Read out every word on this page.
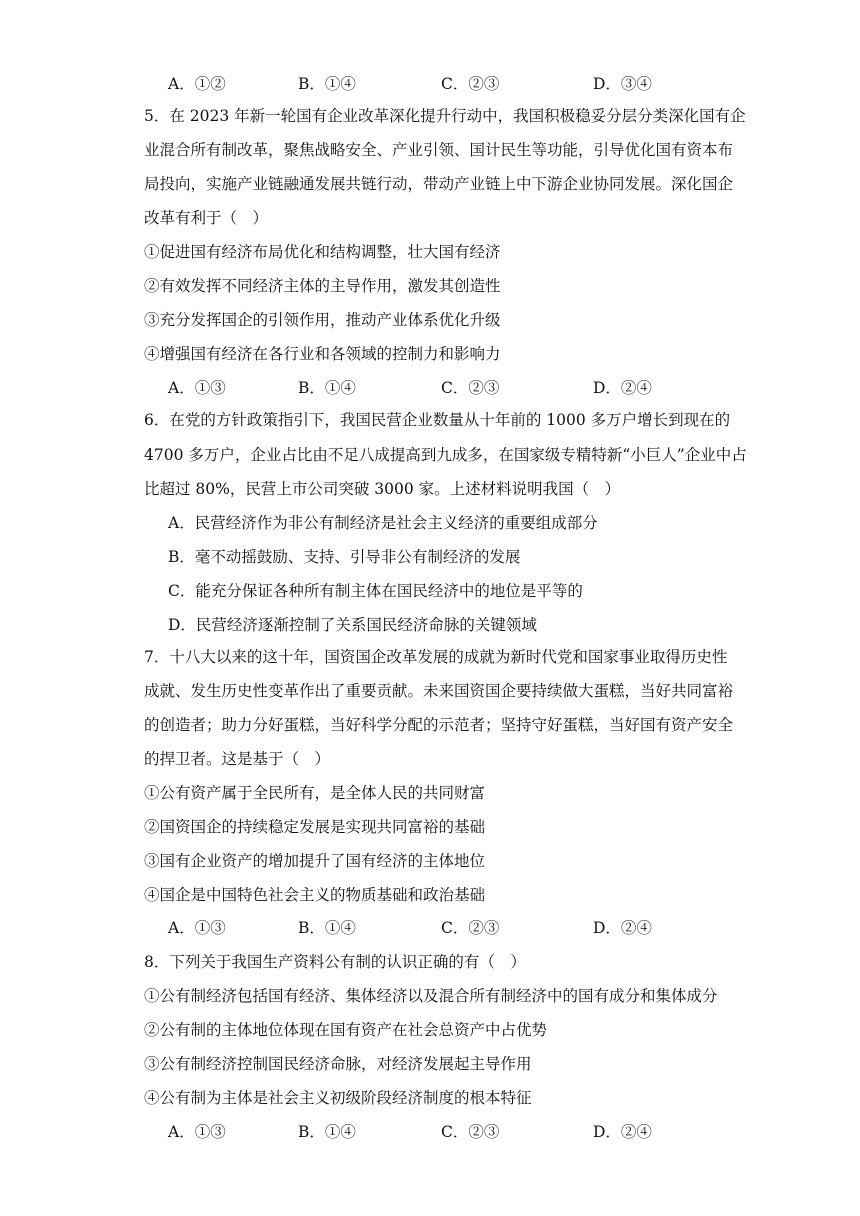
A．①②	B．①④	C．②③	D．③④
5．在 2023 年新一轮国有企业改革深化提升行动中，我国积极稳妥分层分类深化国有企
业混合所有制改革，聚焦战略安全、产业引领、国计民生等功能，引导优化国有资本布
局投向，实施产业链融通发展共链行动，带动产业链上中下游企业协同发展。深化国企
改革有利于（　）
①促进国有经济布局优化和结构调整，壮大国有经济
②有效发挥不同经济主体的主导作用，激发其创造性
③充分发挥国企的引领作用，推动产业体系优化升级
④增强国有经济在各行业和各领域的控制力和影响力
A．①③	B．①④	C．②③	D．②④
6．在党的方针政策指引下，我国民营企业数量从十年前的 1000 多万户增长到现在的
4700 多万户，企业占比由不足八成提高到九成多，在国家级专精特新“小巨人”企业中占
比超过 80%，民营上市公司突破 3000 家。上述材料说明我国（　）
A．民营经济作为非公有制经济是社会主义经济的重要组成部分
B．毫不动摇鼓励、支持、引导非公有制经济的发展
C．能充分保证各种所有制主体在国民经济中的地位是平等的
D．民营经济逐渐控制了关系国民经济命脉的关键领域
7．十八大以来的这十年，国资国企改革发展的成就为新时代党和国家事业取得历史性
成就、发生历史性变革作出了重要贡献。未来国资国企要持续做大蛋糕，当好共同富裕
的创造者；助力分好蛋糕，当好科学分配的示范者；坚持守好蛋糕，当好国有资产安全
的捍卫者。这是基于（　）
①公有资产属于全民所有，是全体人民的共同财富
②国资国企的持续稳定发展是实现共同富裕的基础
③国有企业资产的增加提升了国有经济的主体地位
④国企是中国特色社会主义的物质基础和政治基础
A．①③	B．①④	C．②③	D．②④
8．下列关于我国生产资料公有制的认识正确的有（　）
①公有制经济包括国有经济、集体经济以及混合所有制经济中的国有成分和集体成分
②公有制的主体地位体现在国有资产在社会总资产中占优势
③公有制经济控制国民经济命脉，对经济发展起主导作用
④公有制为主体是社会主义初级阶段经济制度的根本特征
A．①③	B．①④	C．②③	D．②④
